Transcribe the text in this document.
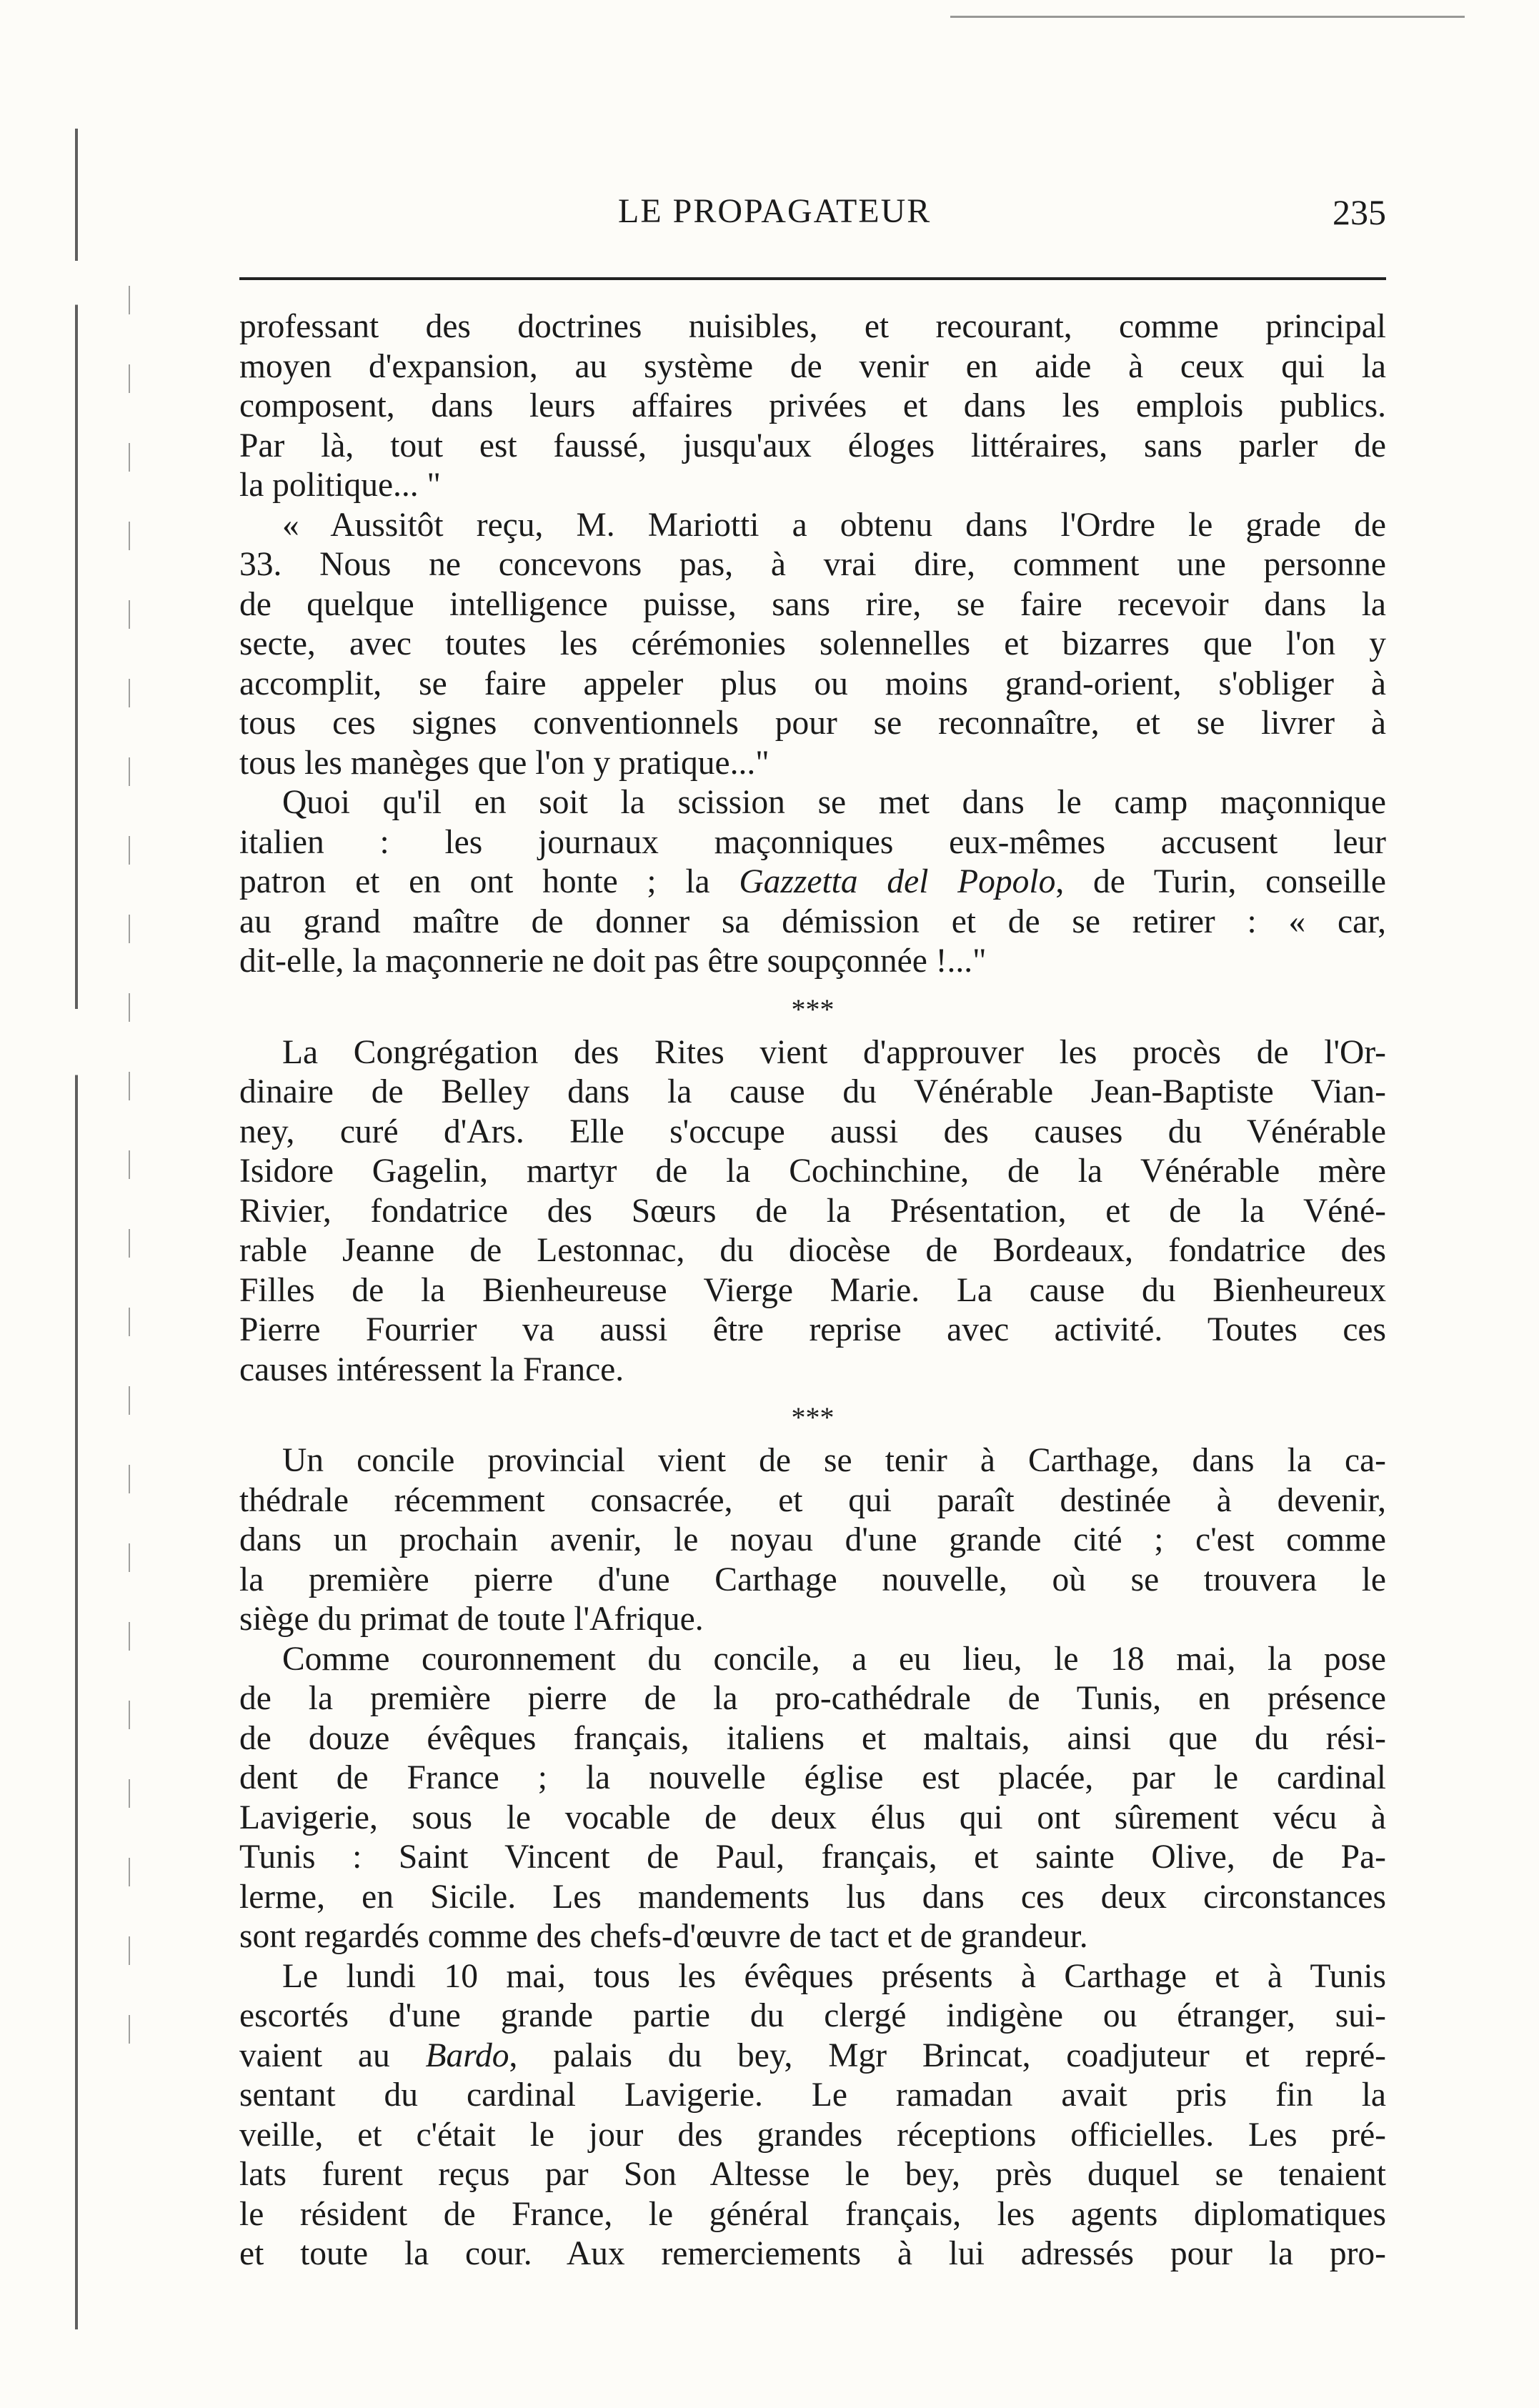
LE PROPAGATEUR	235

professant des doctrines nuisibles, et recourant, comme principal
moyen d'expansion, au système de venir en aide à ceux qui la
composent, dans leurs affaires privées et dans les emplois publics.
Par là, tout est faussé, jusqu'aux éloges littéraires, sans parler de
la politique... "

« Aussitôt reçu, M. Mariotti a obtenu dans l'Ordre le grade de
33. Nous ne concevons pas, à vrai dire, comment une personne
de quelque intelligence puisse, sans rire, se faire recevoir dans la
secte, avec toutes les cérémonies solennelles et bizarres que l'on y
accomplit, se faire appeler plus ou moins grand-orient, s'obliger à
tous ces signes conventionnels pour se reconnaître, et se livrer à
tous les manèges que l'on y pratique..."

Quoi qu'il en soit la scission se met dans le camp maçonnique
italien : les journaux maçonniques eux-mêmes accusent leur
patron et en ont honte ; la Gazzetta del Popolo, de Turin, conseille
au grand maître de donner sa démission et de se retirer : « car,
dit-elle, la maçonnerie ne doit pas être soupçonnée !..."

***

La Congrégation des Rites vient d'approuver les procès de l'Or-
dinaire de Belley dans la cause du Vénérable Jean-Baptiste Vian-
ney, curé d'Ars. Elle s'occupe aussi des causes du Vénérable
Isidore Gagelin, martyr de la Cochinchine, de la Vénérable mère
Rivier, fondatrice des Sœurs de la Présentation, et de la Véné-
rable Jeanne de Lestonnac, du diocèse de Bordeaux, fondatrice des
Filles de la Bienheureuse Vierge Marie. La cause du Bienheureux
Pierre Fourrier va aussi être reprise avec activité. Toutes ces
causes intéressent la France.

***

Un concile provincial vient de se tenir à Carthage, dans la ca-
thédrale récemment consacrée, et qui paraît destinée à devenir,
dans un prochain avenir, le noyau d'une grande cité ; c'est comme
la première pierre d'une Carthage nouvelle, où se trouvera le
siège du primat de toute l'Afrique.

Comme couronnement du concile, a eu lieu, le 18 mai, la pose
de la première pierre de la pro-cathédrale de Tunis, en présence
de douze évêques français, italiens et maltais, ainsi que du rési-
dent de France ; la nouvelle église est placée, par le cardinal
Lavigerie, sous le vocable de deux élus qui ont sûrement vécu à
Tunis : Saint Vincent de Paul, français, et sainte Olive, de Pa-
lerme, en Sicile. Les mandements lus dans ces deux circonstances
sont regardés comme des chefs-d'œuvre de tact et de grandeur.

Le lundi 10 mai, tous les évêques présents à Carthage et à Tunis
escortés d'une grande partie du clergé indigène ou étranger, sui-
vaient au Bardo, palais du bey, Mgr Brincat, coadjuteur et repré-
sentant du cardinal Lavigerie. Le ramadan avait pris fin la
veille, et c'était le jour des grandes réceptions officielles. Les pré-
lats furent reçus par Son Altesse le bey, près duquel se tenaient
le résident de France, le général français, les agents diplomatiques
et toute la cour. Aux remerciements à lui adressés pour la pro-
